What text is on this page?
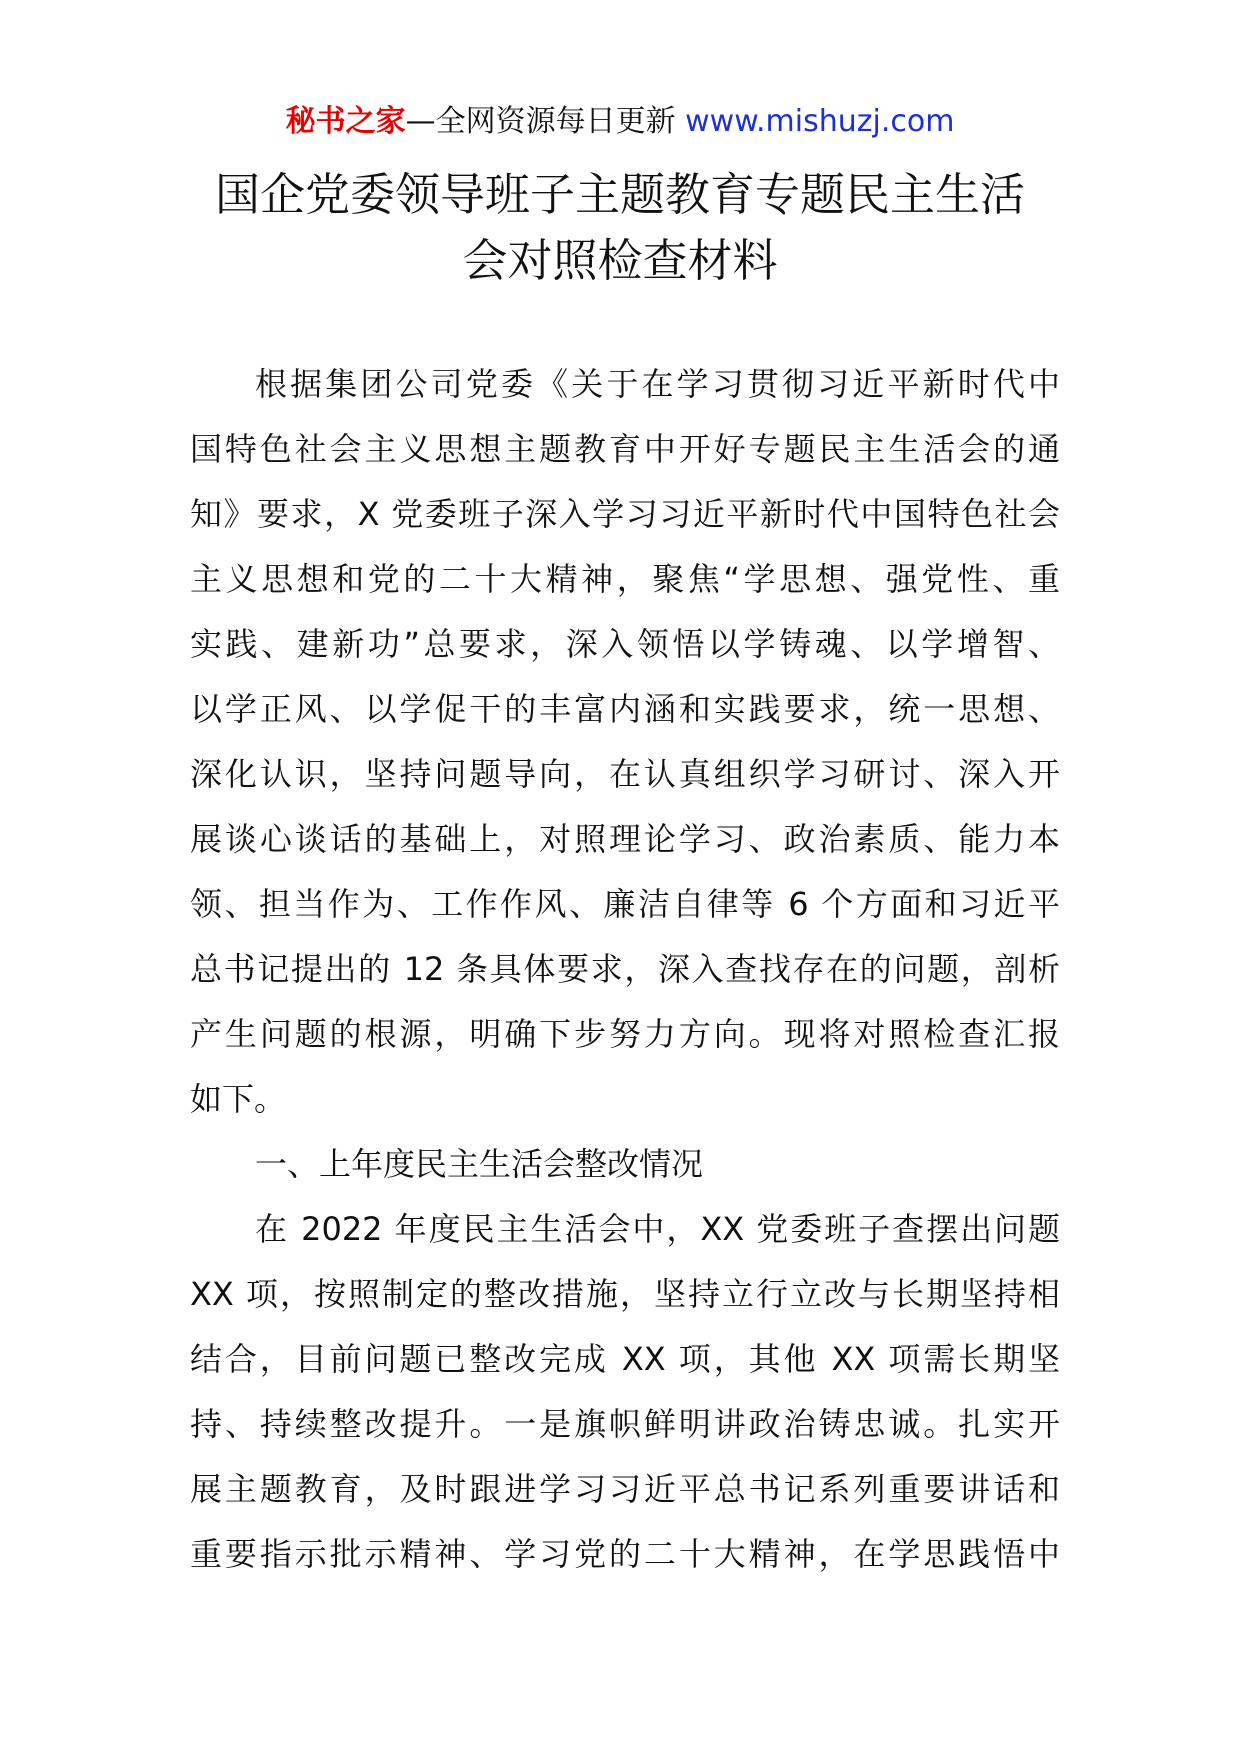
秘书之家—全网资源每日更新 www.mishuzj.com
国企党委领导班子主题教育专题民主生活
会对照检查材料
根据集团公司党委《关于在学习贯彻习近平新时代中
国特色社会主义思想主题教育中开好专题民主生活会的通
知》要求，X 党委班子深入学习习近平新时代中国特色社会
主义思想和党的二十大精神，聚焦“学思想、强党性、重
实践、建新功”总要求，深入领悟以学铸魂、以学增智、
以学正风、以学促干的丰富内涵和实践要求，统一思想、
深化认识，坚持问题导向，在认真组织学习研讨、深入开
展谈心谈话的基础上，对照理论学习、政治素质、能力本
领、担当作为、工作作风、廉洁自律等 6 个方面和习近平
总书记提出的 12 条具体要求，深入查找存在的问题，剖析
产生问题的根源，明确下步努力方向。现将对照检查汇报
如下。
一、上年度民主生活会整改情况
在 2022 年度民主生活会中，XX 党委班子查摆出问题
XX 项，按照制定的整改措施，坚持立行立改与长期坚持相
结合，目前问题已整改完成 XX 项，其他 XX 项需长期坚
持、持续整改提升。一是旗帜鲜明讲政治铸忠诚。扎实开
展主题教育，及时跟进学习习近平总书记系列重要讲话和
重要指示批示精神、学习党的二十大精神，在学思践悟中
